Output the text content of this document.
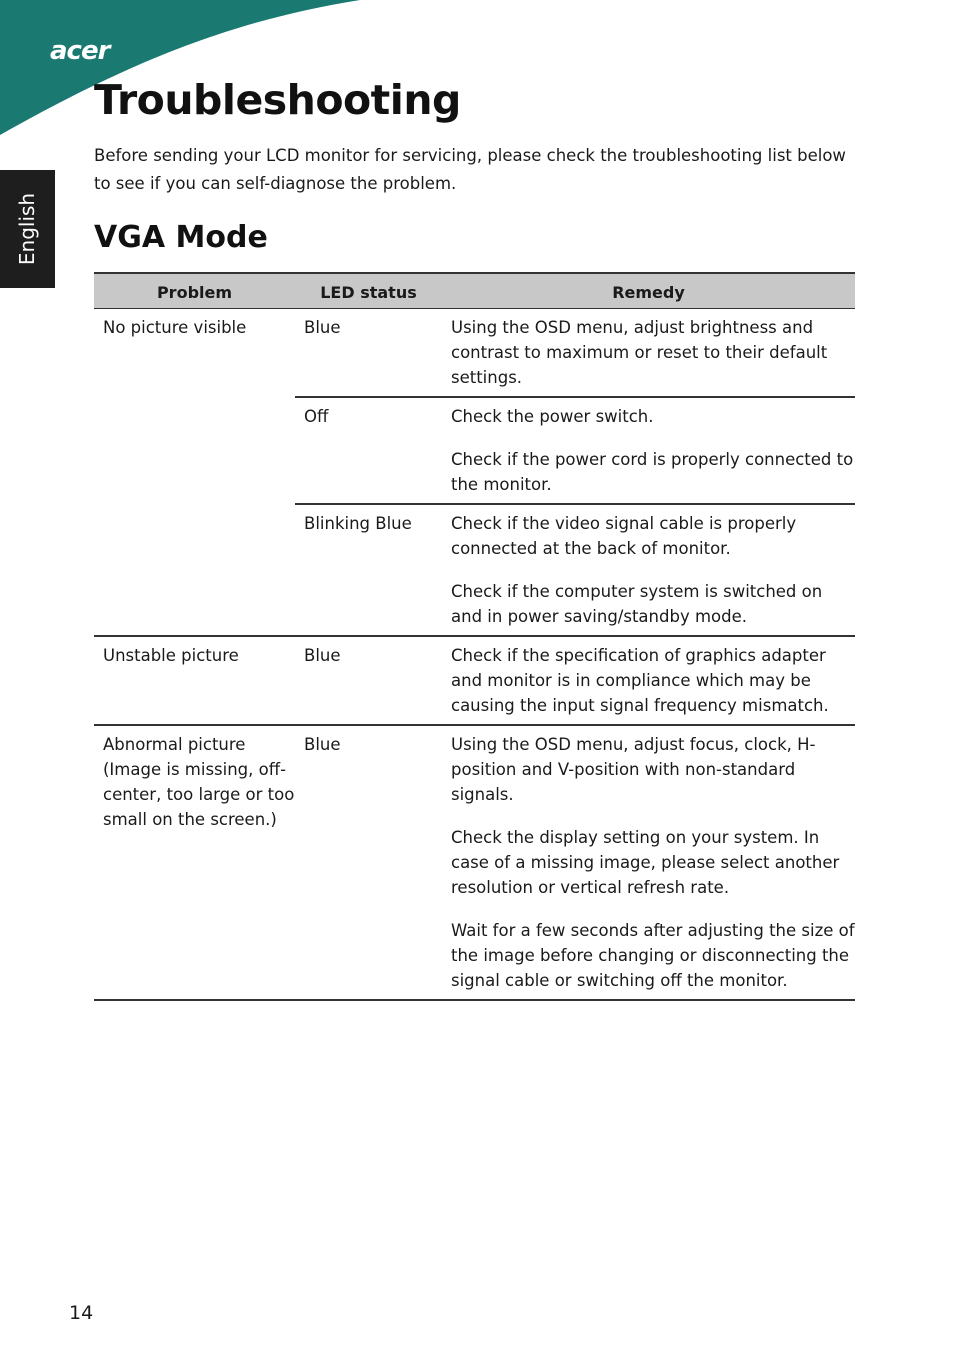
acer
English
Troubleshooting

Before sending your LCD monitor for servicing, please check the troubleshooting list below to see if you can self-diagnose the problem.

VGA Mode
Problem	LED status	Remedy
No picture visible	Blue	Using the OSD menu, adjust brightness and contrast to maximum or reset to their default settings.

	Off	Check the power switch.

Check if the power cord is properly connected to the monitor.

	Blinking Blue	Check if the video signal cable is properly connected at the back of monitor.

Check if the computer system is switched on and in power saving/standby mode.

Unstable picture	Blue	Check if the specification of graphics adapter and monitor is in compliance which may be causing the input signal frequency mismatch.

Abnormal picture (Image is missing, off-center, too large or too small on the screen.)	Blue	Using the OSD menu, adjust focus, clock, H-position and V-position with non-standard signals.

Check the display setting on your system. In case of a missing image, please select another resolution or vertical refresh rate.

Wait for a few seconds after adjusting the size of the image before changing or disconnecting the signal cable or switching off the monitor.

14
